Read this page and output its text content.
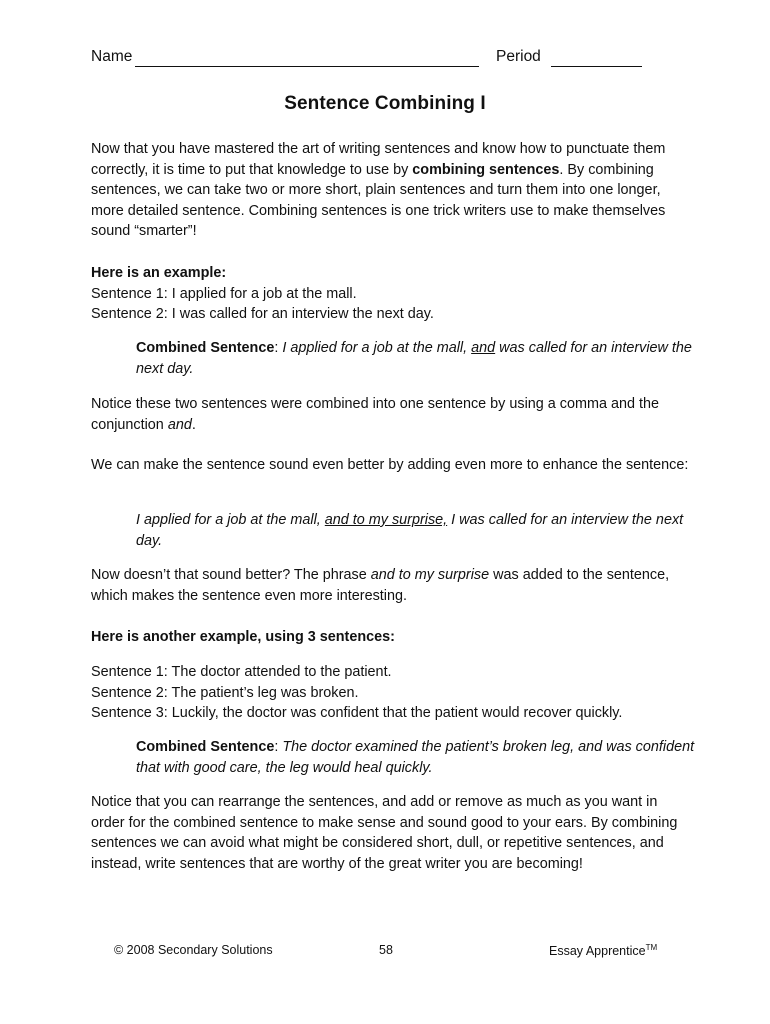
Name	Period
Sentence Combining I

Now that you have mastered the art of writing sentences and know how to punctuate them correctly, it is time to put that knowledge to use by combining sentences. By combining sentences, we can take two or more short, plain sentences and turn them into one longer, more detailed sentence. Combining sentences is one trick writers use to make themselves sound “smarter”!

Here is an example:

Sentence 1: I applied for a job at the mall.

Sentence 2: I was called for an interview the next day.

Combined Sentence: I applied for a job at the mall, and was called for an interview the next day.

Notice these two sentences were combined into one sentence by using a comma and the conjunction and.

We can make the sentence sound even better by adding even more to enhance the sentence:

I applied for a job at the mall, and to my surprise, I was called for an interview the next day.

Now doesn’t that sound better? The phrase and to my surprise was added to the sentence, which makes the sentence even more interesting.

Here is another example, using 3 sentences:

Sentence 1: The doctor attended to the patient.

Sentence 2: The patient’s leg was broken.

Sentence 3: Luckily, the doctor was confident that the patient would recover quickly.

Combined Sentence: The doctor examined the patient’s broken leg, and was confident that with good care, the leg would heal quickly.

Notice that you can rearrange the sentences, and add or remove as much as you want in order for the combined sentence to make sense and sound good to your ears. By combining sentences we can avoid what might be considered short, dull, or repetitive sentences, and instead, write sentences that are worthy of the great writer you are becoming!

© 2008 Secondary Solutions	58	Essay Apprentice™
